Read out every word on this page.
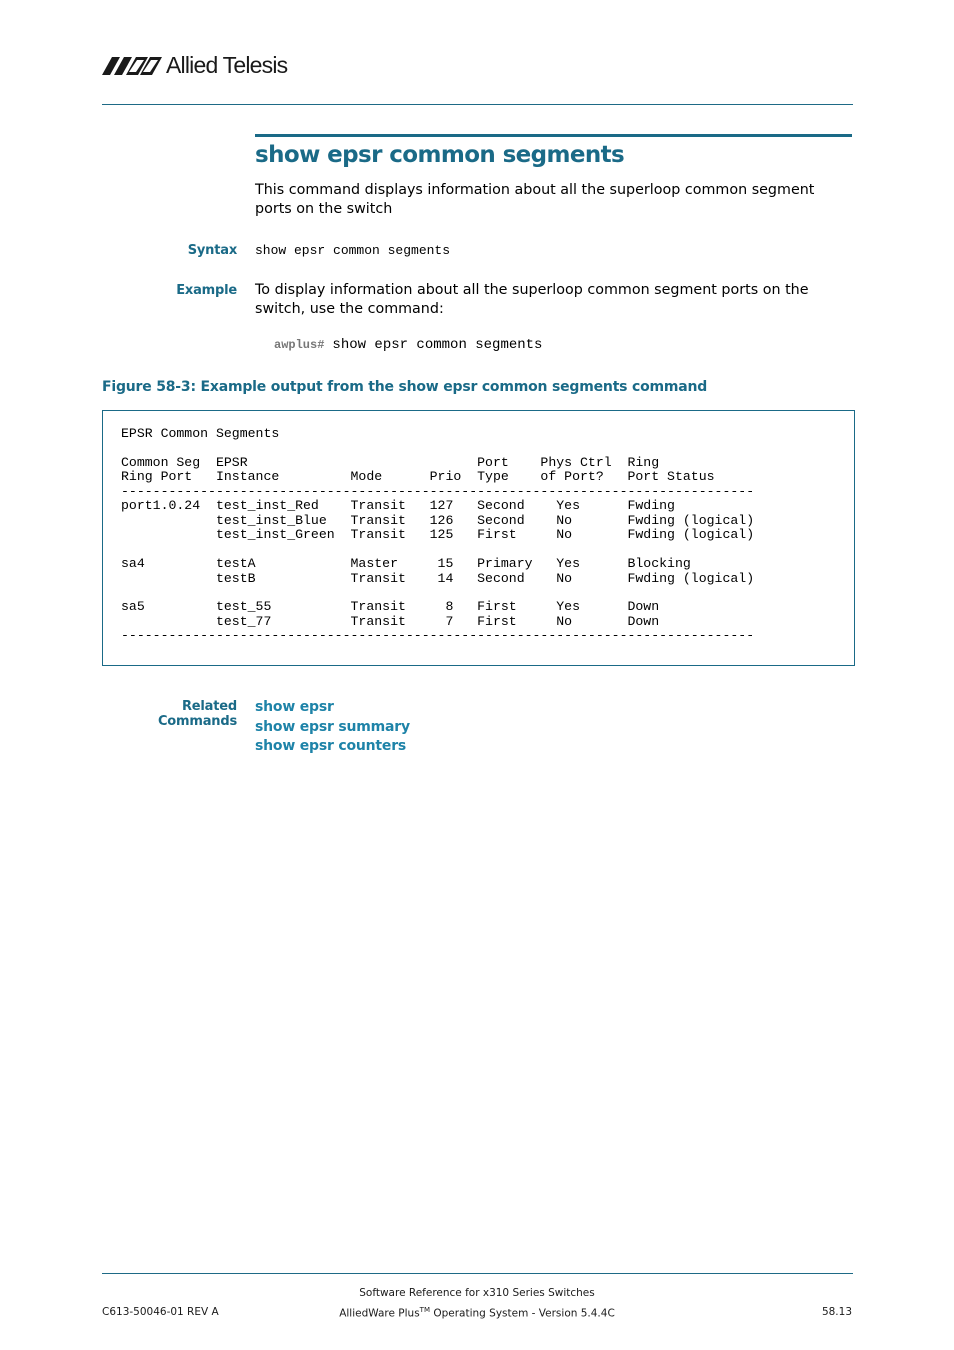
Allied Telesis
show epsr common segments
This command displays information about all the superloop common segment ports on the switch
Syntax show epsr common segments
Example To display information about all the superloop common segment ports on the switch, use the command:
awplus# show epsr common segments
Figure 58-3: Example output from the show epsr common segments command
EPSR Common Segments

Common Seg  EPSR                             Port    Phys Ctrl  Ring
Ring Port   Instance         Mode      Prio  Type    of Port?   Port Status
--------------------------------------------------------------------------------
port1.0.24  test_inst_Red    Transit   127   Second    Yes      Fwding
test_inst_Blue   Transit   126   Second    No       Fwding (logical)
test_inst_Green  Transit   125   First     No       Fwding (logical)

sa4         testA            Master     15   Primary   Yes      Blocking
testB            Transit    14   Second    No       Fwding (logical)

sa5         test_55          Transit     8   First     Yes      Down
test_77          Transit     7   First     No       Down
--------------------------------------------------------------------------------
Related Commands
show epsr
show epsr summary
show epsr counters
Software Reference for x310 Series Switches
AlliedWare Plus™ Operating System - Version 5.4.4C
C613-50046-01 REV A	58.13
